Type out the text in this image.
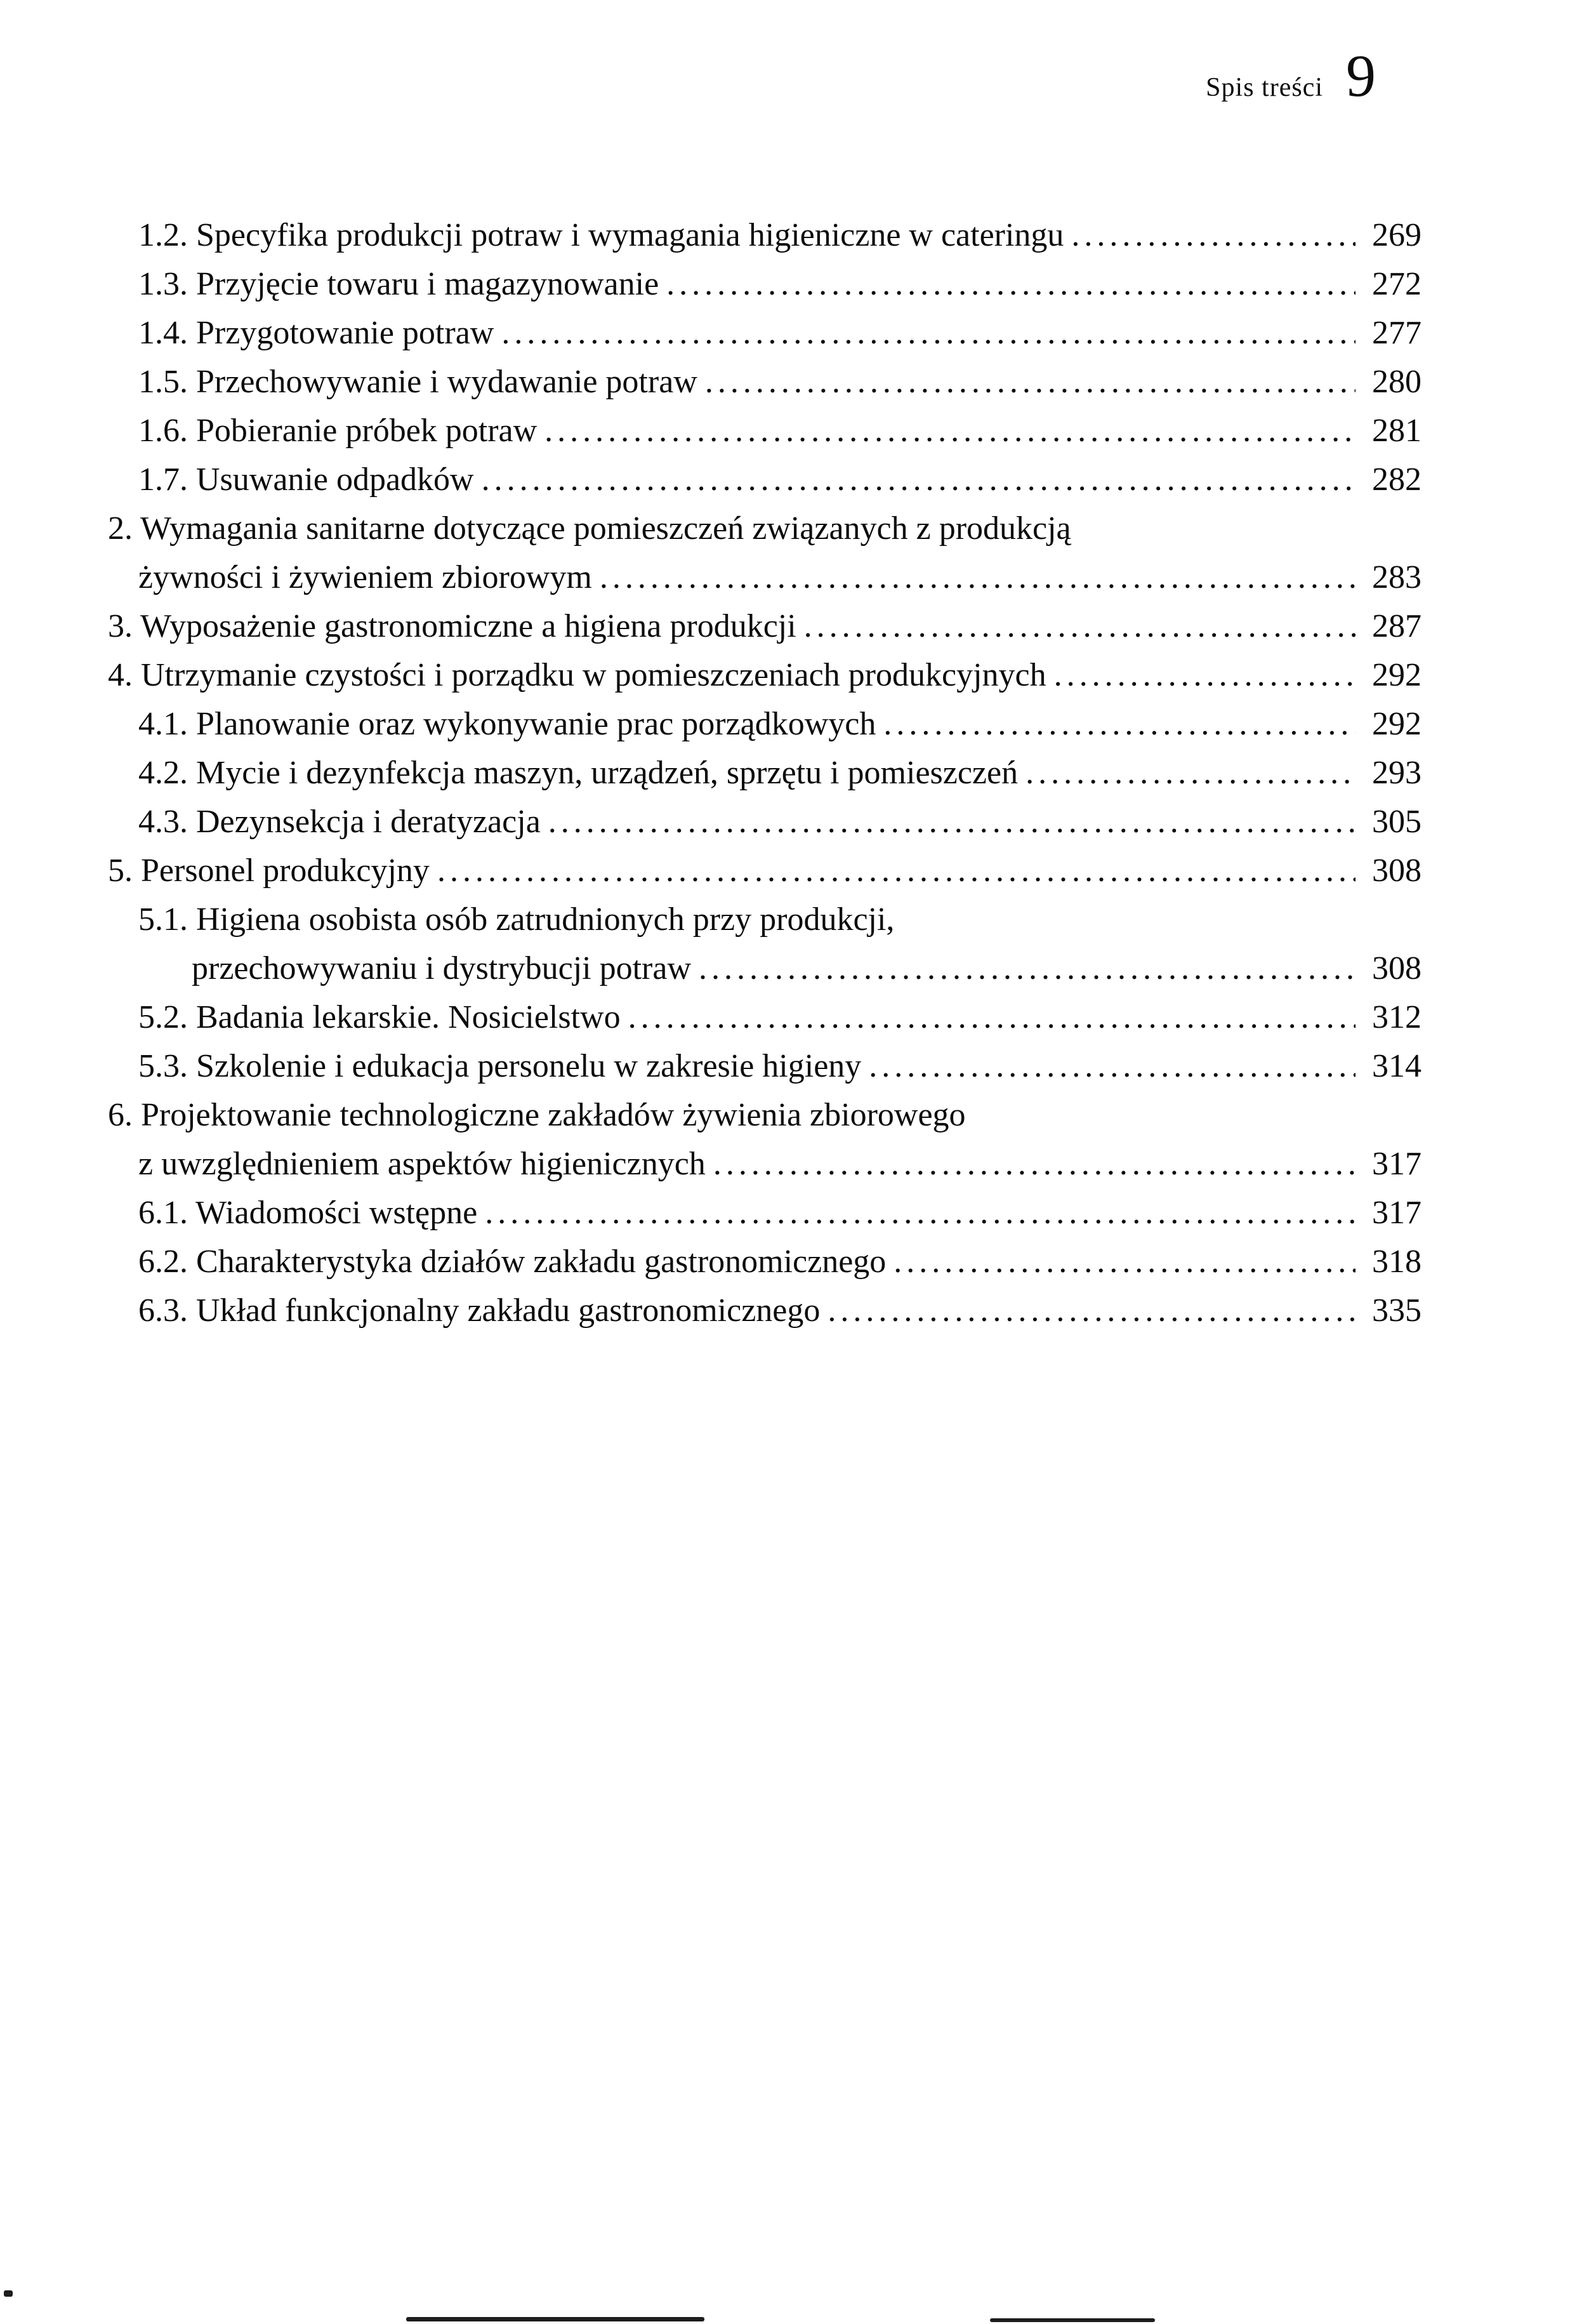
Spis treści 9
1.2. Specyfika produkcji potraw i wymagania higieniczne w cateringu .....	269
1.3. Przyjęcie towaru i magazynowanie .....	272
1.4. Przygotowanie potraw .....	277
1.5. Przechowywanie i wydawanie potraw .....	280
1.6. Pobieranie próbek potraw .....	281
1.7. Usuwanie odpadków .....	282
2. Wymagania sanitarne dotyczące pomieszczeń związanych z produkcją
żywności i żywieniem zbiorowym .....	283
3. Wyposażenie gastronomiczne a higiena produkcji .....	287
4. Utrzymanie czystości i porządku w pomieszczeniach produkcyjnych .....	292
4.1. Planowanie oraz wykonywanie prac porządkowych .....	292
4.2. Mycie i dezynfekcja maszyn, urządzeń, sprzętu i pomieszczeń .....	293
4.3. Dezynsekcja i deratyzacja .....	305
5. Personel produkcyjny .....	308
5.1. Higiena osobista osób zatrudnionych przy produkcji,
przechowywaniu i dystrybucji potraw .....	308
5.2. Badania lekarskie. Nosicielstwo .....	312
5.3. Szkolenie i edukacja personelu w zakresie higieny .....	314
6. Projektowanie technologiczne zakładów żywienia zbiorowego
z uwzględnieniem aspektów higienicznych .....	317
6.1. Wiadomości wstępne .....	317
6.2. Charakterystyka działów zakładu gastronomicznego .....	318
6.3. Układ funkcjonalny zakładu gastronomicznego .....	335
